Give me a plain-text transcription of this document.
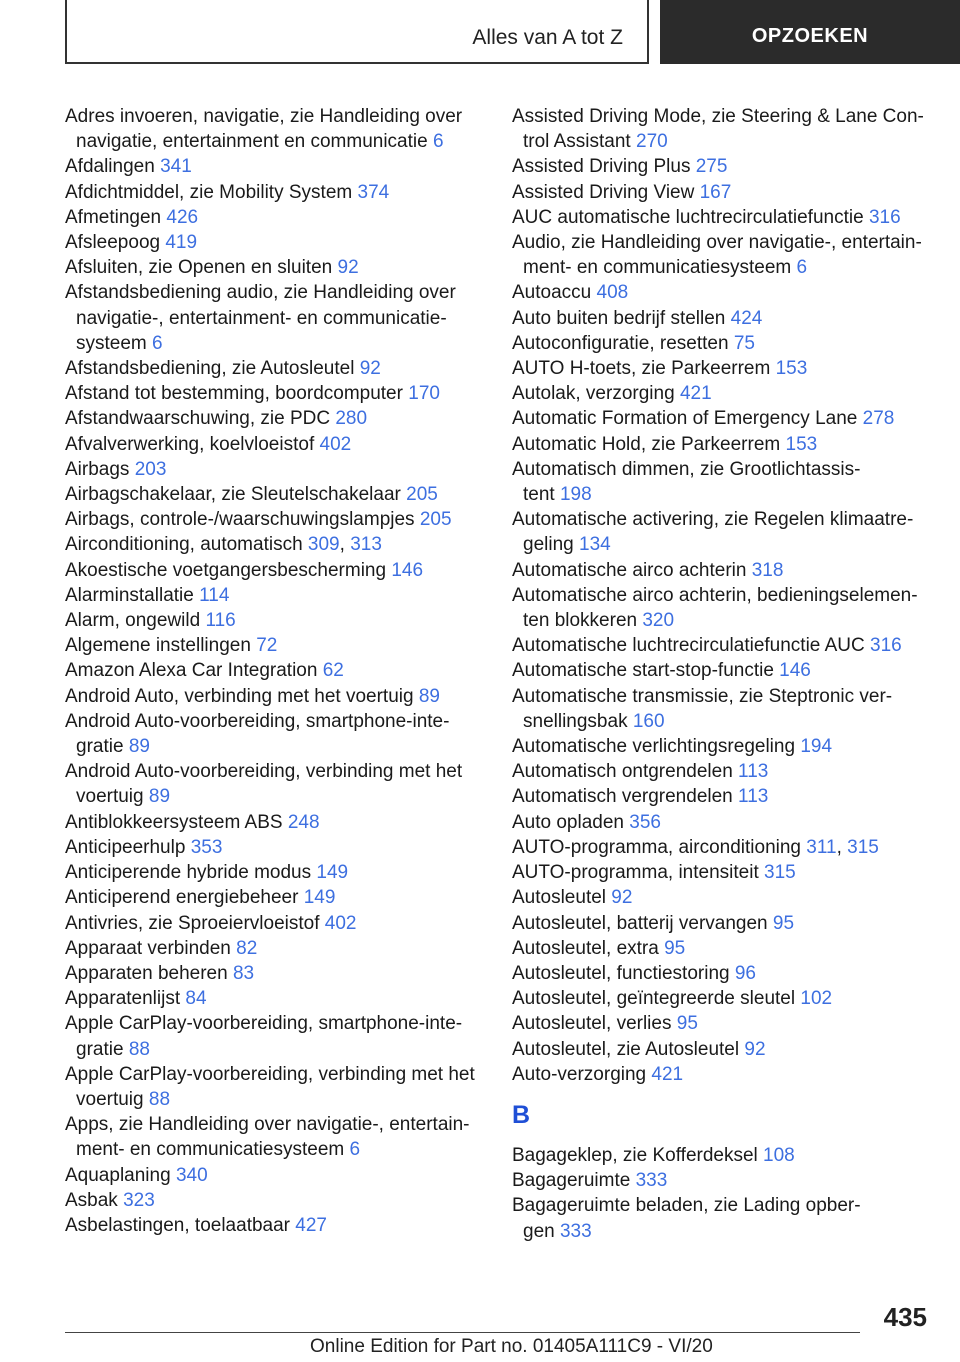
Alles van A tot Z	OPZOEKEN
Adres invoeren, navigatie, zie Handleiding over
navigatie, entertainment en communicatie 6
Afdalingen 341
Afdichtmiddel, zie Mobility System 374
Afmetingen 426
Afsleepoog 419
Afsluiten, zie Openen en sluiten 92
Afstandsbediening audio, zie Handleiding over
navigatie-, entertainment- en communicatie-
systeem 6
Afstandsbediening, zie Autosleutel 92
Afstand tot bestemming, boordcomputer 170
Afstandwaarschuwing, zie PDC 280
Afvalverwerking, koelvloeistof 402
Airbags 203
Airbagschakelaar, zie Sleutelschakelaar 205
Airbags, controle-/waarschuwingslampjes 205
Airconditioning, automatisch 309, 313
Akoestische voetgangersbescherming 146
Alarminstallatie 114
Alarm, ongewild 116
Algemene instellingen 72
Amazon Alexa Car Integration 62
Android Auto, verbinding met het voertuig 89
Android Auto-voorbereiding, smartphone-inte-
gratie 89
Android Auto-voorbereiding, verbinding met het
voertuig 89
Antiblokkeersysteem ABS 248
Anticipeerhulp 353
Anticiperende hybride modus 149
Anticiperend energiebeheer 149
Antivries, zie Sproeiervloeistof 402
Apparaat verbinden 82
Apparaten beheren 83
Apparatenlijst 84
Apple CarPlay-voorbereiding, smartphone-inte-
gratie 88
Apple CarPlay-voorbereiding, verbinding met het
voertuig 88
Apps, zie Handleiding over navigatie-, entertain-
ment- en communicatiesysteem 6
Aquaplaning 340
Asbak 323
Asbelastingen, toelaatbaar 427
Assisted Driving Mode, zie Steering & Lane Con-
trol Assistant 270
Assisted Driving Plus 275
Assisted Driving View 167
AUC automatische luchtrecirculatiefunctie 316
Audio, zie Handleiding over navigatie-, entertain-
ment- en communicatiesysteem 6
Autoaccu 408
Auto buiten bedrijf stellen 424
Autoconfiguratie, resetten 75
AUTO H-toets, zie Parkeerrem 153
Autolak, verzorging 421
Automatic Formation of Emergency Lane 278
Automatic Hold, zie Parkeerrem 153
Automatisch dimmen, zie Grootlichtassis-
tent 198
Automatische activering, zie Regelen klimaatre-
geling 134
Automatische airco achterin 318
Automatische airco achterin, bedieningselemen-
ten blokkeren 320
Automatische luchtrecirculatiefunctie AUC 316
Automatische start-stop-functie 146
Automatische transmissie, zie Steptronic ver-
snellingsbak 160
Automatische verlichtingsregeling 194
Automatisch ontgrendelen 113
Automatisch vergrendelen 113
Auto opladen 356
AUTO-programma, airconditioning 311, 315
AUTO-programma, intensiteit 315
Autosleutel 92
Autosleutel, batterij vervangen 95
Autosleutel, extra 95
Autosleutel, functiestoring 96
Autosleutel, geïntegreerde sleutel 102
Autosleutel, verlies 95
Autosleutel, zie Autosleutel 92
Auto-verzorging 421
B
Bagageklep, zie Kofferdeksel 108
Bagageruimte 333
Bagageruimte beladen, zie Lading opber-
gen 333
435
Online Edition for Part no. 01405A111C9 - VI/20
